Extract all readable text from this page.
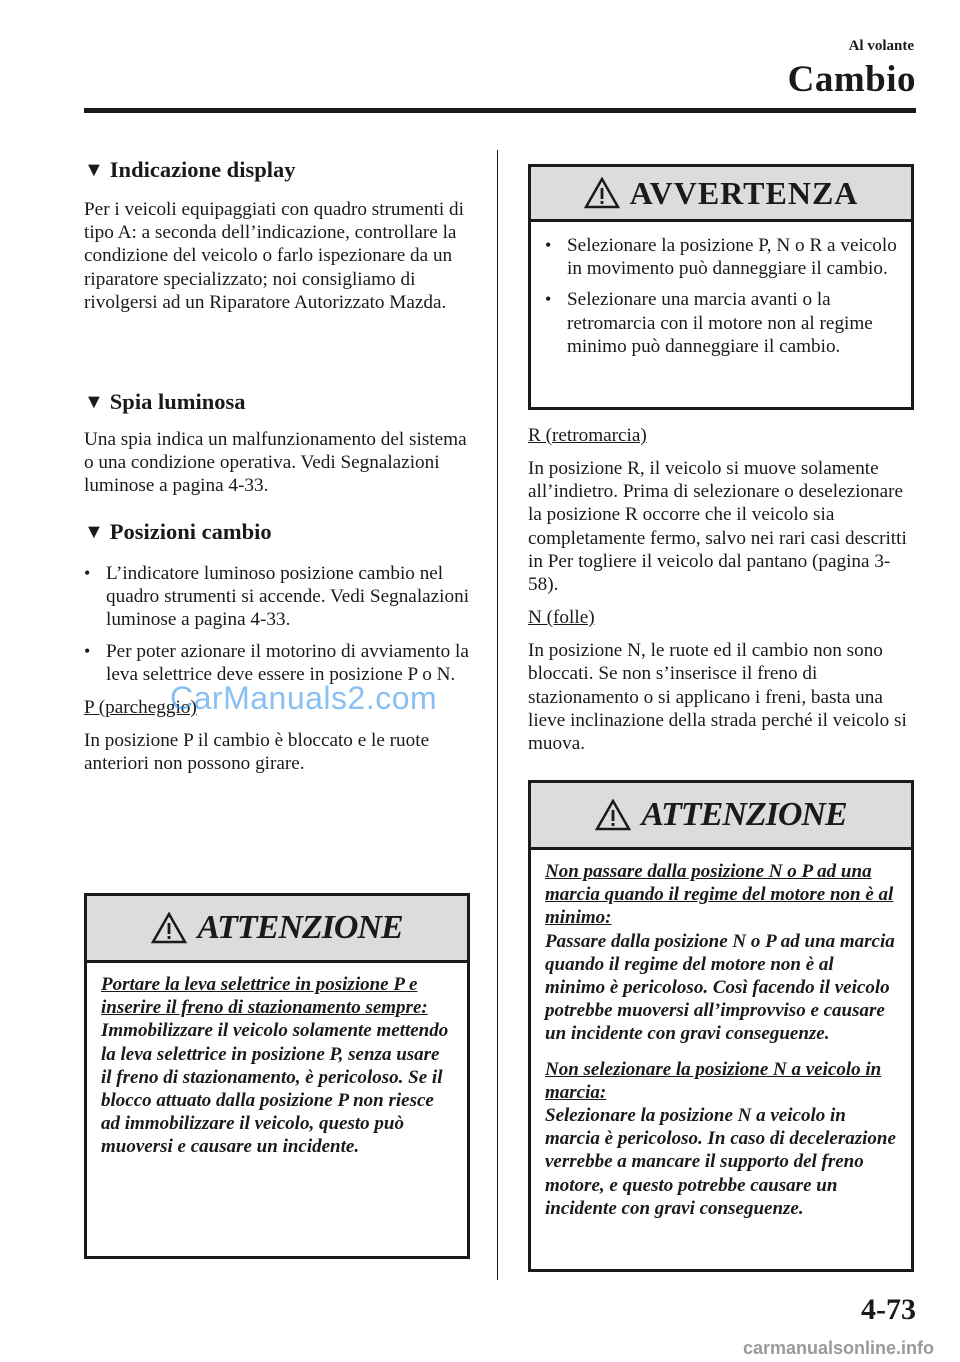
Al volante
Cambio
▼ Indicazione display
Per i veicoli equipaggiati con quadro strumenti di tipo A: a seconda dell’indicazione, controllare la condizione del veicolo o farlo ispezionare da un riparatore specializzato; noi consigliamo di rivolgersi ad un Riparatore Autorizzato Mazda.
▼ Spia luminosa
Una spia indica un malfunzionamento del sistema o una condizione operativa. Vedi Segnalazioni luminose a pagina 4-33.
▼ Posizioni cambio
• L’indicatore luminoso posizione cambio nel quadro strumenti si accende. Vedi Segnalazioni luminose a pagina 4-33.
• Per poter azionare il motorino di avviamento la leva selettrice deve essere in posizione P o N.
P (parcheggio)
In posizione P il cambio è bloccato e le ruote anteriori non possono girare.
ATTENZIONE

Portare la leva selettrice in posizione P e inserire il freno di stazionamento sempre:

Immobilizzare il veicolo solamente mettendo la leva selettrice in posizione P, senza usare il freno di stazionamento, è pericoloso. Se il blocco attuato dalla posizione P non riesce ad immobilizzare il veicolo, questo può muoversi e causare un incidente.

AVVERTENZA
• Selezionare la posizione P, N o R a veicolo in movimento può danneggiare il cambio.
• Selezionare una marcia avanti o la retromarcia con il motore non al regime minimo può danneggiare il cambio.
R (retromarcia)
In posizione R, il veicolo si muove solamente all’indietro. Prima di selezionare o deselezionare la posizione R occorre che il veicolo sia completamente fermo, salvo nei rari casi descritti in Per togliere il veicolo dal pantano (pagina 3-58).
N (folle)
In posizione N, le ruote ed il cambio non sono bloccati. Se non s’inserisce il freno di stazionamento o si applicano i freni, basta una lieve inclinazione della strada perché il veicolo si muova.
ATTENZIONE

Non passare dalla posizione N o P ad una marcia quando il regime del motore non è al minimo:

Passare dalla posizione N o P ad una marcia quando il regime del motore non è al minimo è pericoloso. Così facendo il veicolo potrebbe muoversi all’improvviso e causare un incidente con gravi conseguenze.

Non selezionare la posizione N a veicolo in marcia:

Selezionare la posizione N a veicolo in marcia è pericoloso. In caso di decelerazione verrebbe a mancare il supporto del freno motore, e questo potrebbe causare un incidente con gravi conseguenze.

4-73
CarManuals2.com
carmanualsonline.info
